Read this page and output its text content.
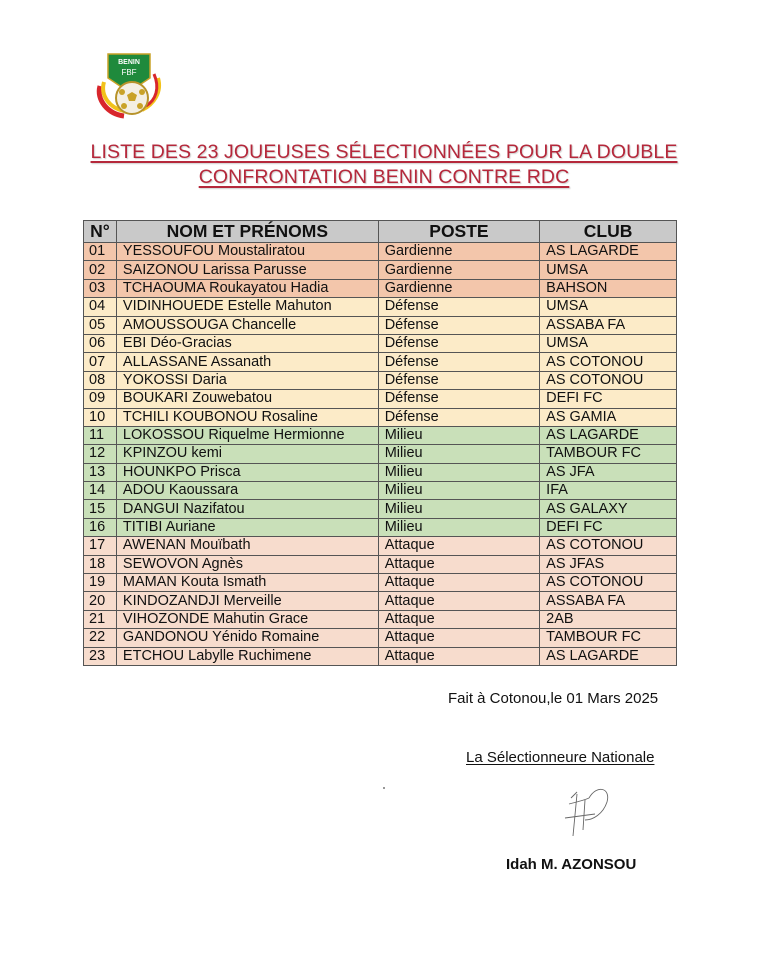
BENIN
FBF
LISTE DES 23 JOUEUSES SÉLECTIONNÉES POUR LA DOUBLE
CONFRONTATION BENIN CONTRE RDC
N°	NOM ET PRÉNOMS	POSTE	CLUB
01	YESSOUFOU Moustaliratou	Gardienne	AS LAGARDE
02	SAIZONOU Larissa Parusse	Gardienne	UMSA
03	TCHAOUMA Roukayatou Hadia	Gardienne	BAHSON
04	VIDINHOUEDE Estelle Mahuton	Défense	UMSA
05	AMOUSSOUGA Chancelle	Défense	ASSABA FA
06	EBI Déo-Gracias	Défense	UMSA
07	ALLASSANE Assanath	Défense	AS COTONOU
08	YOKOSSI Daria	Défense	AS COTONOU
09	BOUKARI Zouwebatou	Défense	DEFI FC
10	TCHILI KOUBONOU Rosaline	Défense	AS GAMIA
11	LOKOSSOU Riquelme Hermionne	Milieu	AS LAGARDE
12	KPINZOU kemi	Milieu	TAMBOUR FC
13	HOUNKPO Prisca	Milieu	AS JFA
14	ADOU Kaoussara	Milieu	IFA
15	DANGUI Nazifatou	Milieu	AS GALAXY
16	TITIBI Auriane	Milieu	DEFI FC
17	AWENAN Mouïbath	Attaque	AS COTONOU
18	SEWOVON Agnès	Attaque	AS JFAS
19	MAMAN Kouta Ismath	Attaque	AS COTONOU
20	KINDOZANDJI Merveille	Attaque	ASSABA FA
21	VIHOZONDE Mahutin Grace	Attaque	2AB
22	GANDONOU Yénido Romaine	Attaque	TAMBOUR FC
23	ETCHOU Labylle Ruchimene	Attaque	AS LAGARDE
Fait à Cotonou,le 01 Mars 2025
La Sélectionneure Nationale
Idah M. AZONSOU
